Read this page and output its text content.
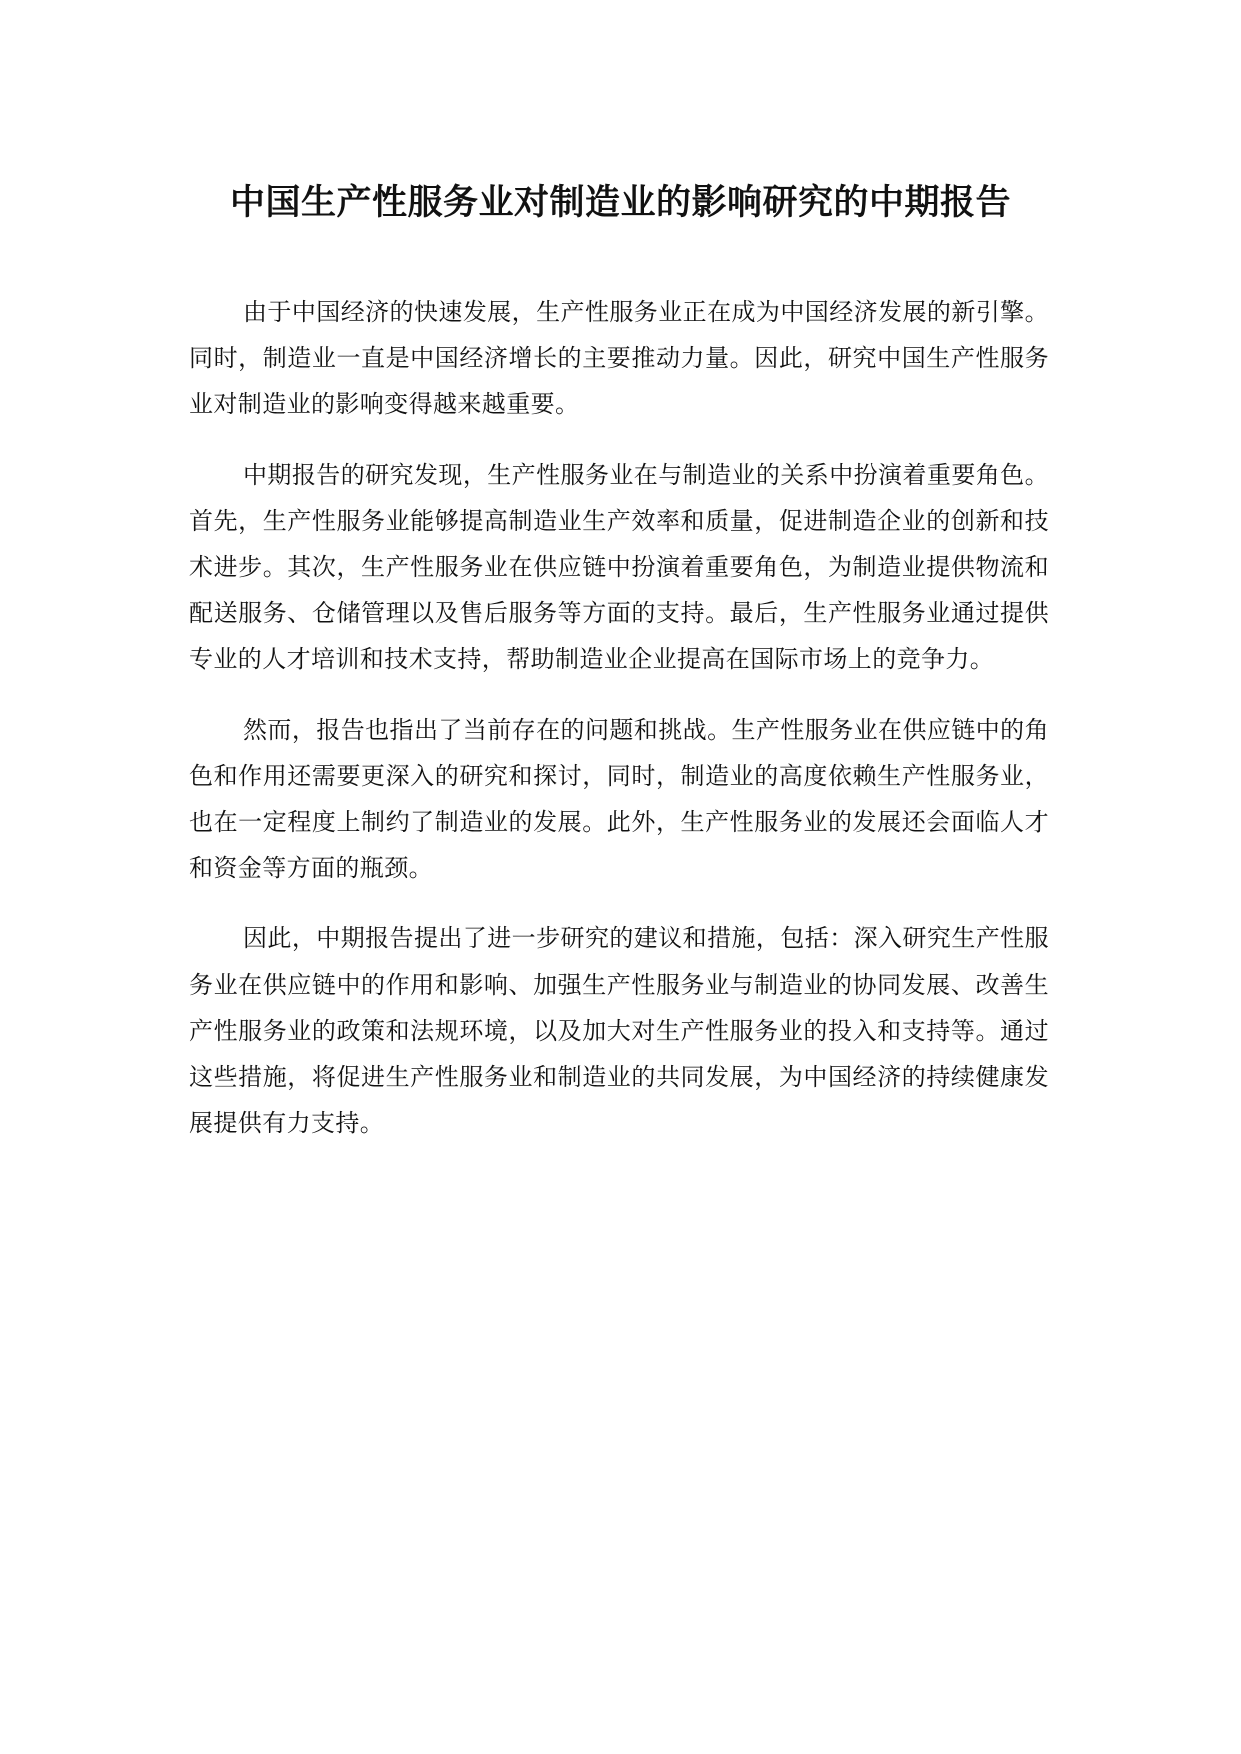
中国生产性服务业对制造业的影响研究的中期报告

由于中国经济的快速发展，生产性服务业正在成为中国经济发展的新引擎。同时，制造业一直是中国经济增长的主要推动力量。因此，研究中国生产性服务业对制造业的影响变得越来越重要。

中期报告的研究发现，生产性服务业在与制造业的关系中扮演着重要角色。首先，生产性服务业能够提高制造业生产效率和质量，促进制造企业的创新和技术进步。其次，生产性服务业在供应链中扮演着重要角色，为制造业提供物流和配送服务、仓储管理以及售后服务等方面的支持。最后，生产性服务业通过提供专业的人才培训和技术支持，帮助制造业企业提高在国际市场上的竞争力。

然而，报告也指出了当前存在的问题和挑战。生产性服务业在供应链中的角色和作用还需要更深入的研究和探讨，同时，制造业的高度依赖生产性服务业，也在一定程度上制约了制造业的发展。此外，生产性服务业的发展还会面临人才和资金等方面的瓶颈。

因此，中期报告提出了进一步研究的建议和措施，包括：深入研究生产性服务业在供应链中的作用和影响、加强生产性服务业与制造业的协同发展、改善生产性服务业的政策和法规环境，以及加大对生产性服务业的投入和支持等。通过这些措施，将促进生产性服务业和制造业的共同发展，为中国经济的持续健康发展提供有力支持。
